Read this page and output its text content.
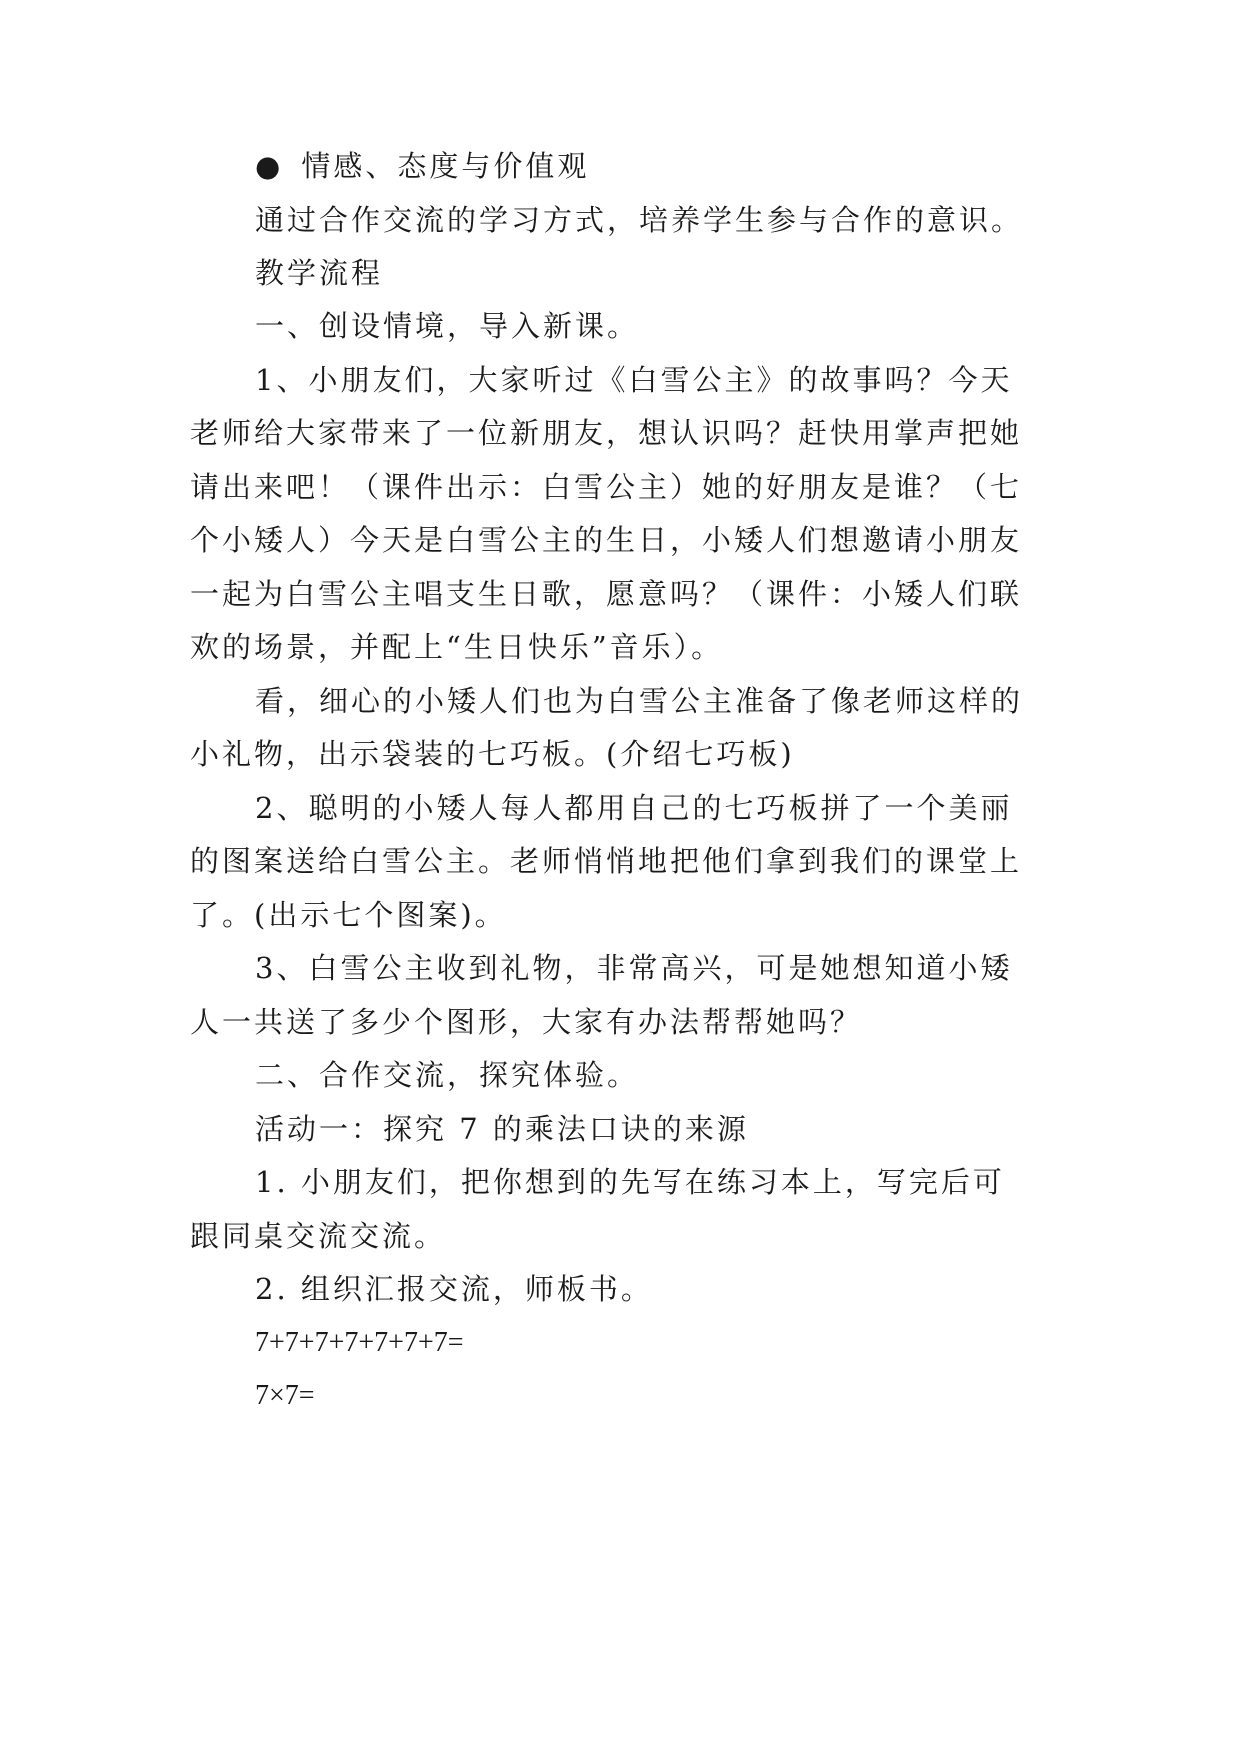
● 情感、态度与价值观
通过合作交流的学习方式，培养学生参与合作的意识。
教学流程
一、创设情境，导入新课。
1、小朋友们，大家听过《白雪公主》的故事吗？今天
老师给大家带来了一位新朋友，想认识吗？赶快用掌声把她
请出来吧！（课件出示：白雪公主）她的好朋友是谁？（七
个小矮人）今天是白雪公主的生日，小矮人们想邀请小朋友
一起为白雪公主唱支生日歌，愿意吗？（课件：小矮人们联
欢的场景，并配上“生日快乐”音乐）。
看，细心的小矮人们也为白雪公主准备了像老师这样的
小礼物，出示袋装的七巧板。(介绍七巧板)
2、聪明的小矮人每人都用自己的七巧板拼了一个美丽
的图案送给白雪公主。老师悄悄地把他们拿到我们的课堂上
了。(出示七个图案)。
3、白雪公主收到礼物，非常高兴，可是她想知道小矮
人一共送了多少个图形，大家有办法帮帮她吗？
二、合作交流，探究体验。
活动一：探究 7 的乘法口诀的来源
1. 小朋友们，把你想到的先写在练习本上，写完后可
跟同桌交流交流。
2. 组织汇报交流，师板书。
7+7+7+7+7+7+7=
7×7=
